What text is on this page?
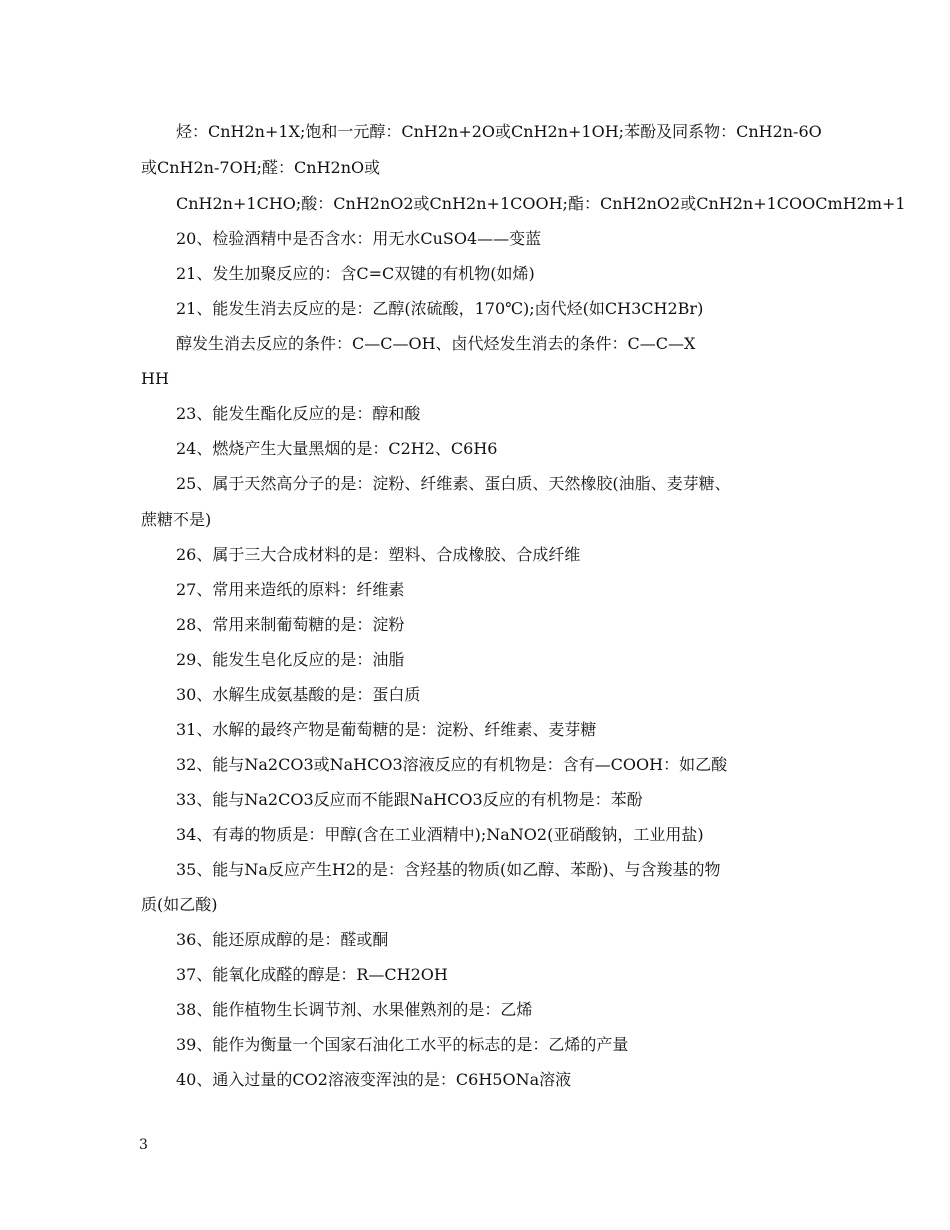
烃：CnH2n+1X;饱和一元醇：CnH2n+2O或CnH2n+1OH;苯酚及同系物：CnH2n-6O
或CnH2n-7OH;醛：CnH2nO或
CnH2n+1CHO;酸：CnH2nO2或CnH2n+1COOH;酯：CnH2nO2或CnH2n+1COOCmH2m+1
20、检验酒精中是否含水：用无水CuSO4——变蓝
21、发生加聚反应的：含C=C双键的有机物(如烯)
21、能发生消去反应的是：乙醇(浓硫酸，170℃);卤代烃(如CH3CH2Br)
醇发生消去反应的条件：C—C—OH、卤代烃发生消去的条件：C—C—X
HH
23、能发生酯化反应的是：醇和酸
24、燃烧产生大量黑烟的是：C2H2、C6H6
25、属于天然高分子的是：淀粉、纤维素、蛋白质、天然橡胶(油脂、麦芽糖、
蔗糖不是)
26、属于三大合成材料的是：塑料、合成橡胶、合成纤维
27、常用来造纸的原料：纤维素
28、常用来制葡萄糖的是：淀粉
29、能发生皂化反应的是：油脂
30、水解生成氨基酸的是：蛋白质
31、水解的最终产物是葡萄糖的是：淀粉、纤维素、麦芽糖
32、能与Na2CO3或NaHCO3溶液反应的有机物是：含有—COOH：如乙酸
33、能与Na2CO3反应而不能跟NaHCO3反应的有机物是：苯酚
34、有毒的物质是：甲醇(含在工业酒精中);NaNO2(亚硝酸钠，工业用盐)
35、能与Na反应产生H2的是：含羟基的物质(如乙醇、苯酚)、与含羧基的物
质(如乙酸)
36、能还原成醇的是：醛或酮
37、能氧化成醛的醇是：R—CH2OH
38、能作植物生长调节剂、水果催熟剂的是：乙烯
39、能作为衡量一个国家石油化工水平的标志的是：乙烯的产量
40、通入过量的CO2溶液变浑浊的是：C6H5ONa溶液
3
